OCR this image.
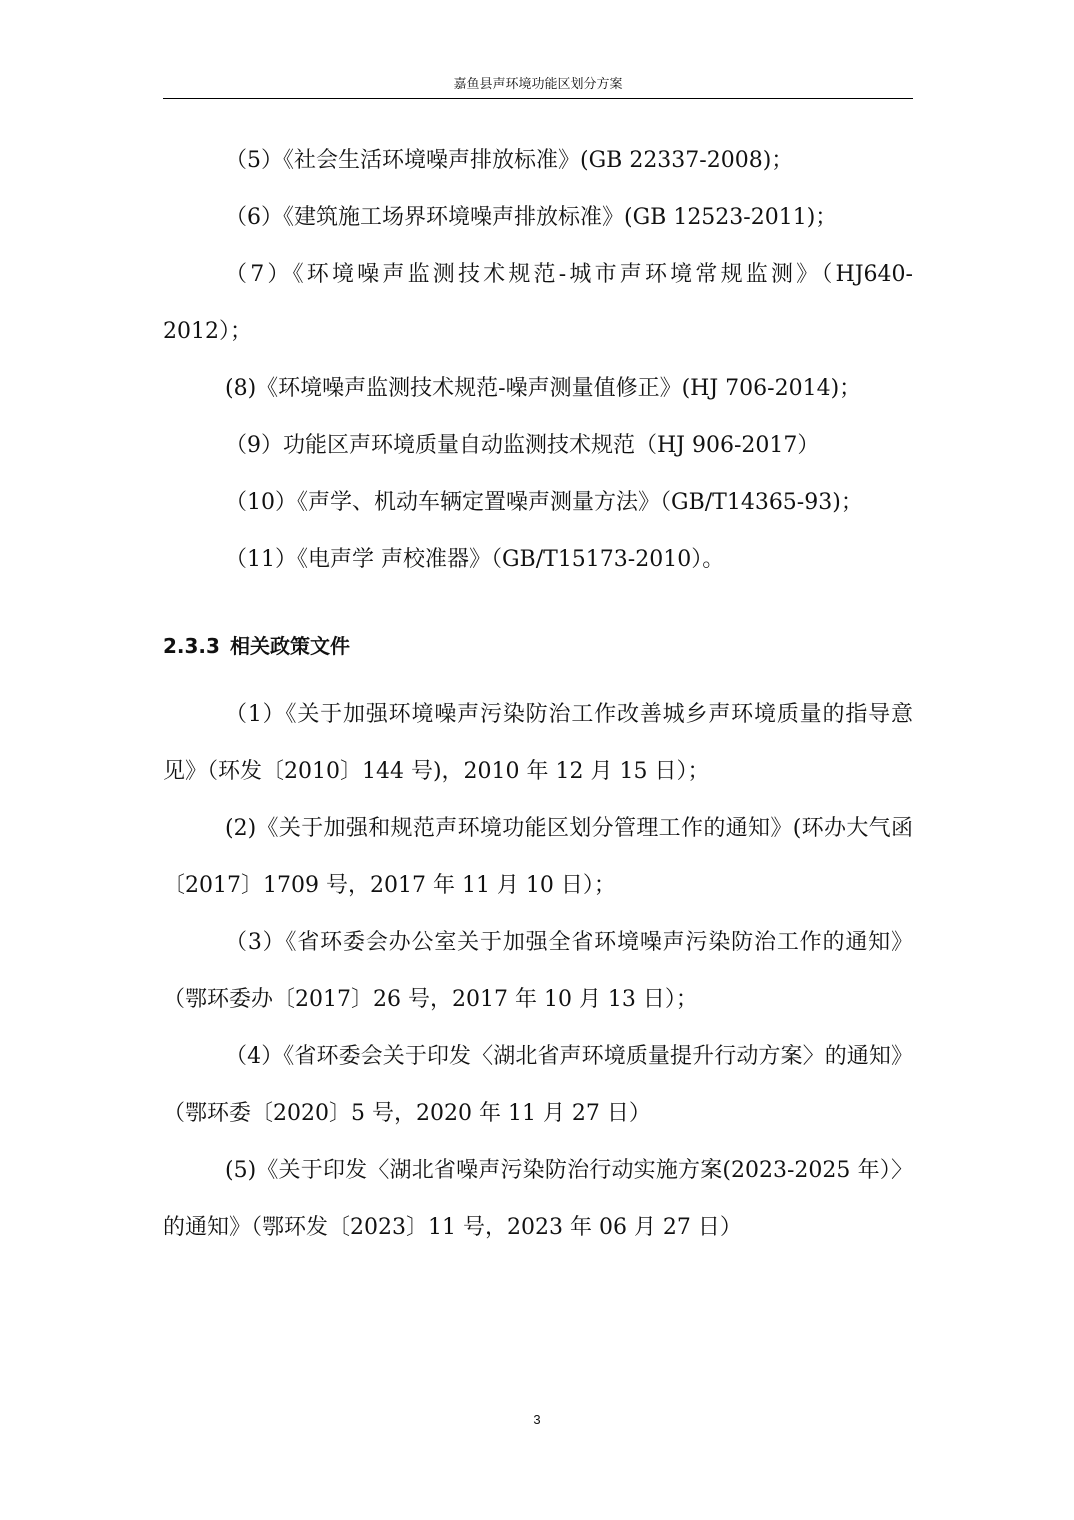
嘉鱼县声环境功能区划分方案

（5）《社会生活环境噪声排放标准》(GB 22337-2008)；

（6）《建筑施工场界环境噪声排放标准》(GB 12523-2011)；

（7）《环境噪声监测技术规范-城市声环境常规监测》（HJ640-2012）；

(8)《环境噪声监测技术规范-噪声测量值修正》(HJ 706-2014)；

（9）功能区声环境质量自动监测技术规范（HJ 906-2017）

（10）《声学、机动车辆定置噪声测量方法》（GB/T14365-93)；

（11）《电声学 声校准器》（GB/T15173-2010）。

2.3.3 相关政策文件

（1）《关于加强环境噪声污染防治工作改善城乡声环境质量的指导意见》（环发〔2010〕144 号)，2010 年 12 月 15 日）；

(2)《关于加强和规范声环境功能区划分管理工作的通知》(环办大气函〔2017〕1709 号，2017 年 11 月 10 日）；

（3）《省环委会办公室关于加强全省环境噪声污染防治工作的通知》（鄂环委办〔2017〕26 号，2017 年 10 月 13 日）；

（4）《省环委会关于印发〈湖北省声环境质量提升行动方案〉的通知》（鄂环委〔2020〕5 号，2020 年 11 月 27 日）

(5)《关于印发〈湖北省噪声污染防治行动实施方案(2023-2025 年）〉的通知》（鄂环发〔2023〕11 号，2023 年 06 月 27 日）

3
